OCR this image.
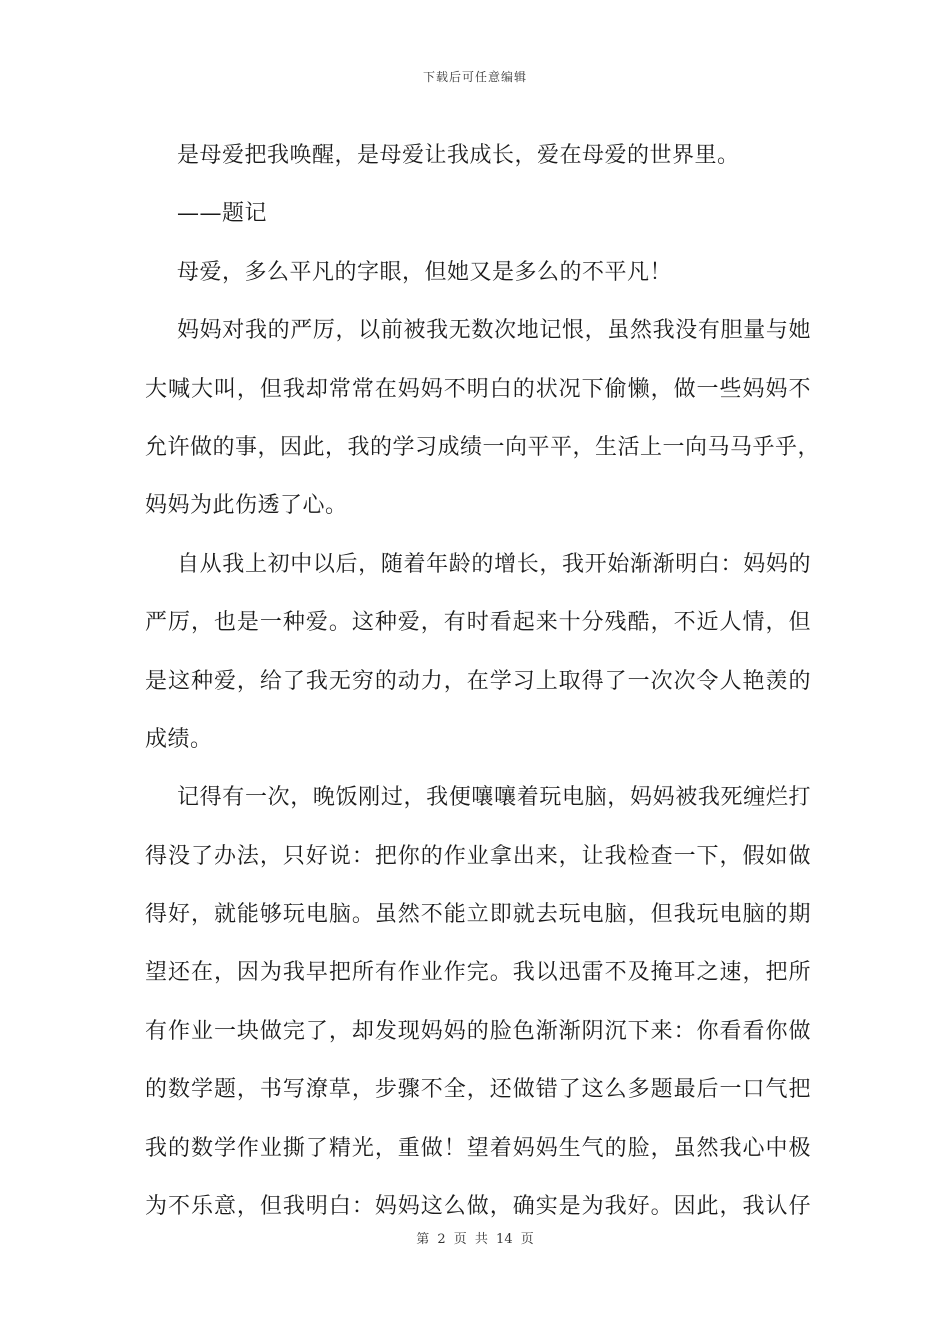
下载后可任意编辑
是母爱把我唤醒，是母爱让我成长，爱在母爱的世界里。
——题记
母爱，多么平凡的字眼，但她又是多么的不平凡！
妈妈对我的严厉，以前被我无数次地记恨，虽然我没有胆量与她
大喊大叫，但我却常常在妈妈不明白的状况下偷懒，做一些妈妈不
允许做的事，因此，我的学习成绩一向平平，生活上一向马马乎乎，
妈妈为此伤透了心。
自从我上初中以后，随着年龄的增长，我开始渐渐明白：妈妈的
严厉，也是一种爱。这种爱，有时看起来十分残酷，不近人情，但
是这种爱，给了我无穷的动力，在学习上取得了一次次令人艳羡的
成绩。
记得有一次，晚饭刚过，我便嚷嚷着玩电脑，妈妈被我死缠烂打
得没了办法，只好说：把你的作业拿出来，让我检查一下，假如做
得好，就能够玩电脑。虽然不能立即就去玩电脑，但我玩电脑的期
望还在，因为我早把所有作业作完。我以迅雷不及掩耳之速，把所
有作业一块做完了，却发现妈妈的脸色渐渐阴沉下来：你看看你做
的数学题，书写潦草，步骤不全，还做错了这么多题最后一口气把
我的数学作业撕了精光，重做！望着妈妈生气的脸，虽然我心中极
为不乐意，但我明白：妈妈这么做，确实是为我好。因此，我认仔
第 2 页 共 14 页
